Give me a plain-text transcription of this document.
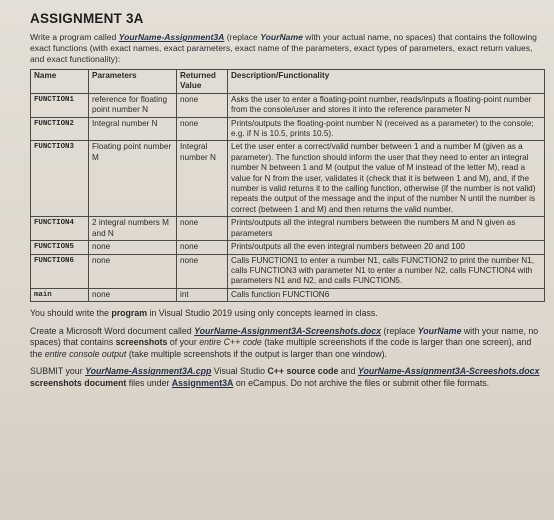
ASSIGNMENT 3A

Write a program called YourName-Assignment3A (replace YourName with your actual name, no spaces) that contains the following exact functions (with exact names, exact parameters, exact name of the parameters, exact types of parameters, exact return values, and exact functionality):

Name	Parameters	Returned Value	Description/Functionality
FUNCTION1	reference for floating point number N	none	Asks the user to enter a floating-point number, reads/inputs a floating-point number from the console/user and stores it into the reference parameter N
FUNCTION2	Integral number N	none	Prints/outputs the floating-point number N (received as a parameter) to the console; e.g. if N is 10.5, prints 10.5).
FUNCTION3	Floating point number M	Integral number N	Let the user enter a correct/valid number between 1 and a number M (given as a parameter). The function should inform the user that they need to enter an integral number N between 1 and M (output the value of M instead of the letter M), read a value for N from the user, validates it (check that it is between 1 and M), and, if the number is valid returns it to the calling function, otherwise (if the number is not valid) repeats the output of the message and the input of the number N until the number is correct (between 1 and M) and then returns the valid number.
FUNCTION4	2 integral numbers M and N	none	Prints/outputs all the integral numbers between the numbers M and N given as parameters
FUNCTION5	none	none	Prints/outputs all the even integral numbers between 20 and 100
FUNCTION6	none	none	Calls FUNCTION1 to enter a number N1, calls FUNCTION2 to print the number N1, calls FUNCTION3 with parameter N1 to enter a number N2, calls FUNCTION4 with parameters N1 and N2, and calls FUNCTION5.
main	none	int	Calls function FUNCTION6

You should write the program in Visual Studio 2019 using only concepts learned in class.

Create a Microsoft Word document called YourName-Assignment3A-Screenshots.docx (replace YourName with your name, no spaces) that contains screenshots of your entire C++ code (take multiple screenshots if the code is larger than one screen), and the entire console output (take multiple screenshots if the output is larger than one window).

SUBMIT your YourName-Assignment3A.cpp Visual Studio C++ source code and YourName-Assignment3A-Screeshots.docx screenshots document files under Assignment3A on eCampus. Do not archive the files or submit other file formats.
